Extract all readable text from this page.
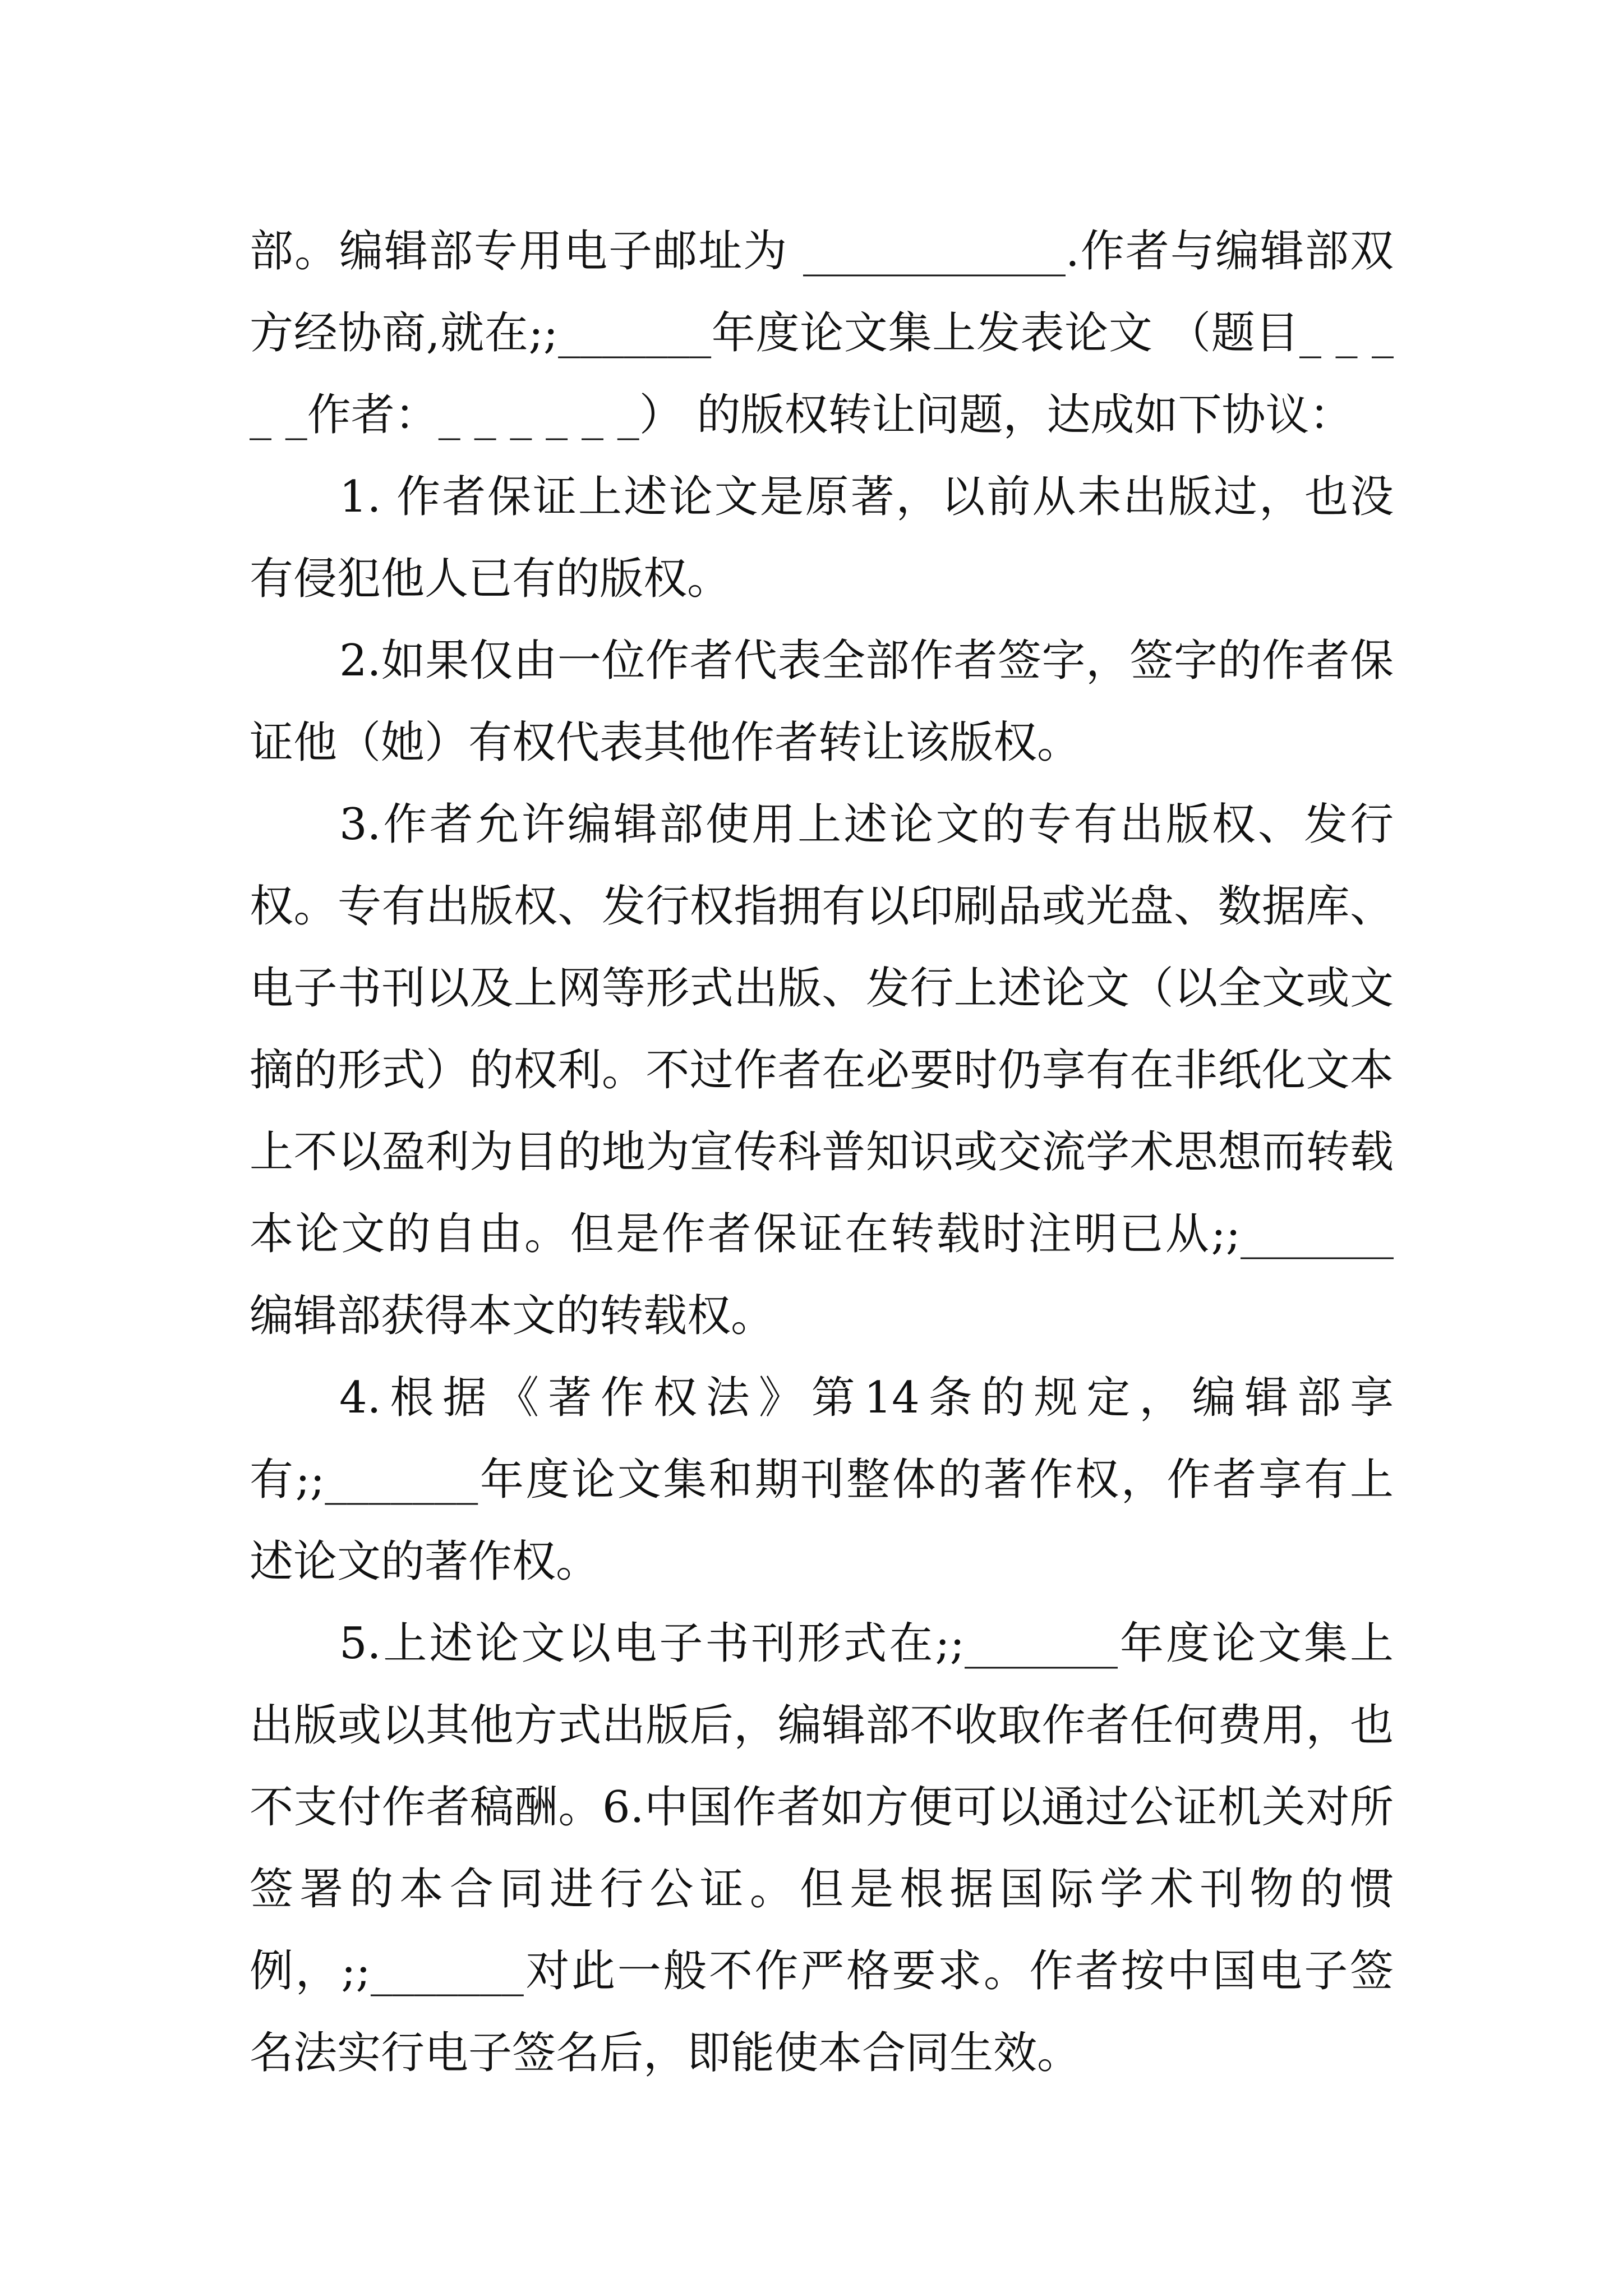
部。编辑部专用电子邮址为 ____________.作者与编辑部双方经协商,就在;;_______年度论文集上发表论文 （题目_ _ _ _ _作者：_ _ _ _ _ _） 的版权转让问题，达成如下协议：

1. 作者保证上述论文是原著，以前从未出版过，也没有侵犯他人已有的版权。

2.如果仅由一位作者代表全部作者签字，签字的作者保证他（她）有权代表其他作者转让该版权。

3.作者允许编辑部使用上述论文的专有出版权、发行权。专有出版权、发行权指拥有以印刷品或光盘、数据库、电子书刊以及上网等形式出版、发行上述论文（以全文或文摘的形式）的权利。不过作者在必要时仍享有在非纸化文本上不以盈利为目的地为宣传科普知识或交流学术思想而转载本论文的自由。但是作者保证在转载时注明已从;;_______编辑部获得本文的转载权。

4.根据《著作权法》第14条的规定，编辑部享有;;_______年度论文集和期刊整体的著作权，作者享有上述论文的著作权。

5.上述论文以电子书刊形式在;;_______年度论文集上出版或以其他方式出版后，编辑部不收取作者任何费用，也不支付作者稿酬。6.中国作者如方便可以通过公证机关对所签署的本合同进行公证。但是根据国际学术刊物的惯例，;;_______对此一般不作严格要求。作者按中国电子签名法实行电子签名后，即能使本合同生效。
